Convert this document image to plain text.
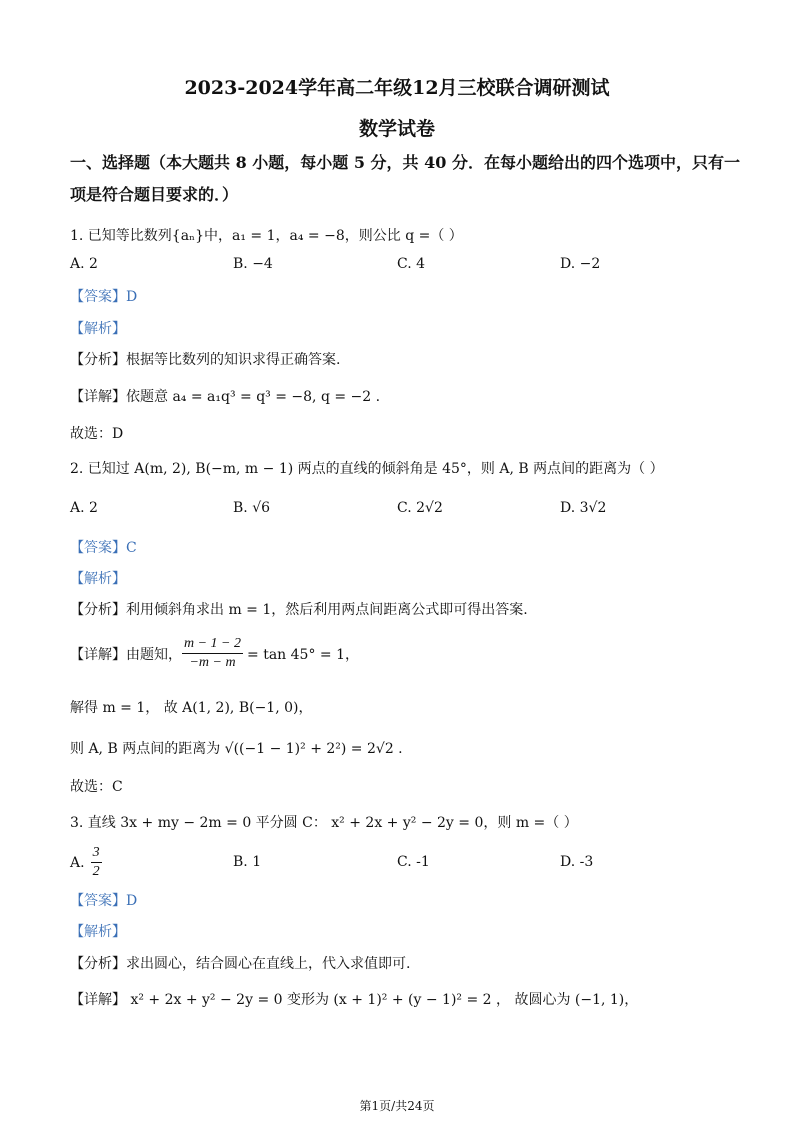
2023-2024学年高二年级12月三校联合调研测试
数学试卷
一、选择题（本大题共 8 小题，每小题 5 分，共 40 分．在每小题给出的四个选项中，只有一
项是符合题目要求的．）
1. 已知等比数列{aₙ}中，a₁ = 1，a₄ = −8，则公比 q =（ ）
A. 2	B. −4	C. 4	D. −2
【答案】D
【解析】
【分析】根据等比数列的知识求得正确答案.
【详解】依题意 a₄ = a₁q³ = q³ = −8, q = −2 .
故选：D
2. 已知过 A(m, 2), B(−m, m − 1) 两点的直线的倾斜角是 45°，则 A, B 两点间的距离为（ ）
A. 2	B. √6	C. 2√2	D. 3√2
【答案】C
【解析】
【分析】利用倾斜角求出 m = 1，然后利用两点间距离公式即可得出答案.
【详解】由题知， $\frac{m - 1 - 2}{-m - m} = \tan 45^\circ = 1$，
解得 m = 1， 故 A(1, 2), B(−1, 0)，
则 A, B 两点间的距离为 √((−1 − 1)² + 2²) = 2√2 .
故选：C
3. 直线 3x + my − 2m = 0 平分圆 C： x² + 2x + y² − 2y = 0，则 m =（ ）
A. $\frac{3}{2}$	B. 1	C. -1	D. -3
【答案】D
【解析】
【分析】求出圆心，结合圆心在直线上，代入求值即可.
【详解】 x² + 2x + y² − 2y = 0 变形为 (x + 1)² + (y − 1)² = 2 ， 故圆心为 (−1, 1)，
第1页/共24页
